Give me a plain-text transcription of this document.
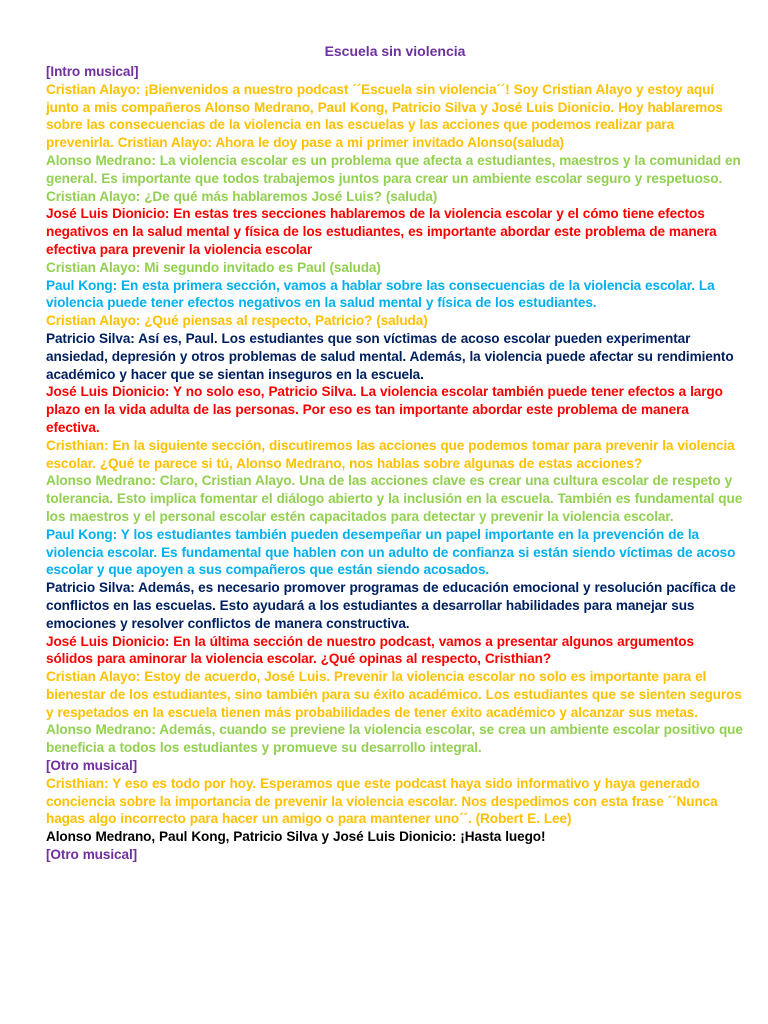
Escuela sin violencia

[Intro musical]

Cristian Alayo: ¡Bienvenidos a nuestro podcast ´´Escuela sin violencia´´! Soy Cristian Alayo y estoy aquí junto a mis compañeros Alonso Medrano, Paul Kong, Patricio Silva y José Luis Dionicio. Hoy hablaremos sobre las consecuencias de la violencia en las escuelas y las acciones que podemos realizar para prevenirla. Cristian Alayo: Ahora le doy pase a mi primer invitado Alonso(saluda)

Alonso Medrano: La violencia escolar es un problema que afecta a estudiantes, maestros y la comunidad en general. Es importante que todos trabajemos juntos para crear un ambiente escolar seguro y respetuoso.

Cristian Alayo: ¿De qué más hablaremos José Luis? (saluda)

José Luis Dionicio: En estas tres secciones hablaremos de la violencia escolar y el cómo tiene efectos negativos en la salud mental y física de los estudiantes, es importante abordar este problema de manera efectiva para prevenir la violencia escolar

Cristian Alayo: Mi segundo invitado es Paul (saluda)

Paul Kong: En esta primera sección, vamos a hablar sobre las consecuencias de la violencia escolar. La violencia puede tener efectos negativos en la salud mental y física de los estudiantes.

Cristian Alayo: ¿Qué piensas al respecto, Patricio? (saluda)

Patricio Silva: Así es, Paul. Los estudiantes que son víctimas de acoso escolar pueden experimentar ansiedad, depresión y otros problemas de salud mental. Además, la violencia puede afectar su rendimiento académico y hacer que se sientan inseguros en la escuela.

José Luis Dionicio: Y no solo eso, Patricio Silva. La violencia escolar también puede tener efectos a largo plazo en la vida adulta de las personas. Por eso es tan importante abordar este problema de manera efectiva.

Cristhian: En la siguiente sección, discutiremos las acciones que podemos tomar para prevenir la violencia escolar. ¿Qué te parece si tú, Alonso Medrano, nos hablas sobre algunas de estas acciones?

Alonso Medrano: Claro, Cristian Alayo. Una de las acciones clave es crear una cultura escolar de respeto y tolerancia. Esto implica fomentar el diálogo abierto y la inclusión en la escuela. También es fundamental que los maestros y el personal escolar estén capacitados para detectar y prevenir la violencia escolar.

Paul Kong: Y los estudiantes también pueden desempeñar un papel importante en la prevención de la violencia escolar. Es fundamental que hablen con un adulto de confianza si están siendo víctimas de acoso escolar y que apoyen a sus compañeros que están siendo acosados.

Patricio Silva: Además, es necesario promover programas de educación emocional y resolución pacífica de conflictos en las escuelas. Esto ayudará a los estudiantes a desarrollar habilidades para manejar sus emociones y resolver conflictos de manera constructiva.

José Luis Dionicio: En la última sección de nuestro podcast, vamos a presentar algunos argumentos sólidos para aminorar la violencia escolar. ¿Qué opinas al respecto, Cristhian?

Cristian Alayo: Estoy de acuerdo, José Luis. Prevenir la violencia escolar no solo es importante para el bienestar de los estudiantes, sino también para su éxito académico. Los estudiantes que se sienten seguros y respetados en la escuela tienen más probabilidades de tener éxito académico y alcanzar sus metas.

Alonso Medrano: Además, cuando se previene la violencia escolar, se crea un ambiente escolar positivo que beneficia a todos los estudiantes y promueve su desarrollo integral.

[Otro musical]

Cristhian: Y eso es todo por hoy. Esperamos que este podcast haya sido informativo y haya generado conciencia sobre la importancia de prevenir la violencia escolar. Nos despedimos con esta frase ´´Nunca hagas algo incorrecto para hacer un amigo o para mantener uno´´. (Robert E. Lee)

Alonso Medrano, Paul Kong, Patricio Silva y José Luis Dionicio: ¡Hasta luego!

[Otro musical]
